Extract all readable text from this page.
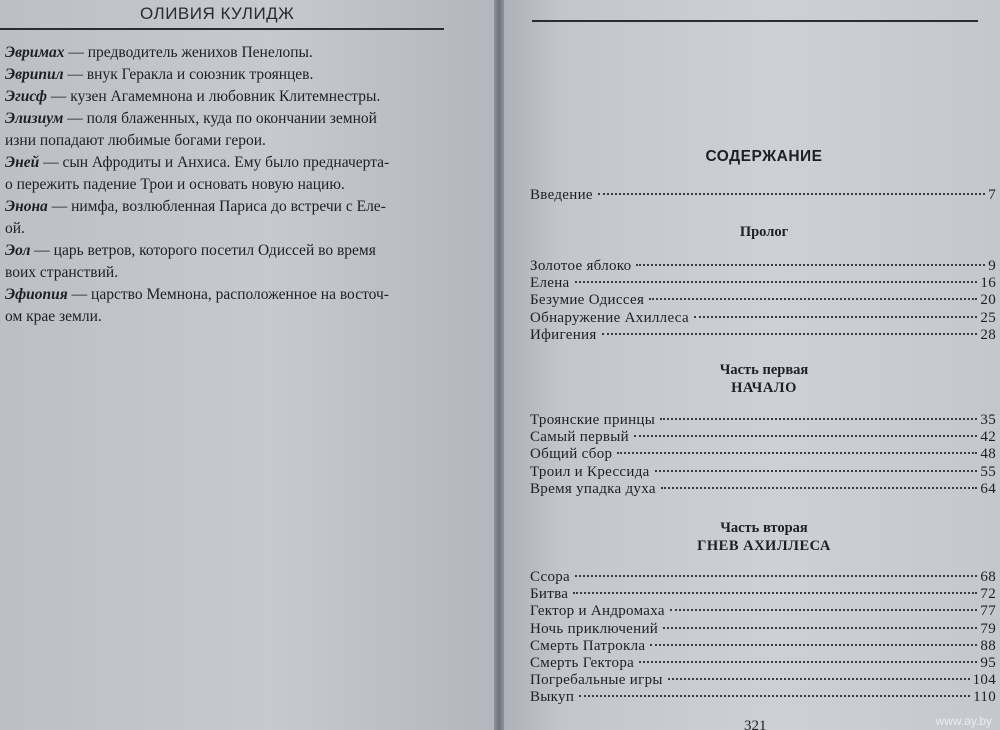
ОЛИВИЯ КУЛИДЖ
Эвримах — предводитель женихов Пенелопы.
Эврипил — внук Геракла и союзник троянцев.
Эгисф — кузен Агамемнона и любовник Клитемнестры.
Элизиум — поля блаженных, куда по окончании земной
изни попадают любимые богами герои.
Эней — сын Афродиты и Анхиса. Ему было предначерта-
о пережить падение Трои и основать новую нацию.
Энона — нимфа, возлюбленная Париса до встречи с Еле-
ой.
Эол — царь ветров, которого посетил Одиссей во время
воих странствий.
Эфиопия — царство Мемнона, расположенное на восточ-
ом крае земли.
СОДЕРЖАНИЕ
Введение	7
Пролог
Золотое яблоко	9
Елена	16
Безумие Одиссея	20
Обнаружение Ахиллеса	25
Ифигения	28
Часть первая
НАЧАЛО
Троянские принцы	35
Самый первый	42
Общий сбор	48
Троил и Крессида	55
Время упадка духа	64
Часть вторая
ГНЕВ АХИЛЛЕСА
Ссора	68
Битва	72
Гектор и Андромаха	77
Ночь приключений	79
Смерть Патрокла	88
Смерть Гектора	95
Погребальные игры	104
Выкуп	110
321	www.ay.by
